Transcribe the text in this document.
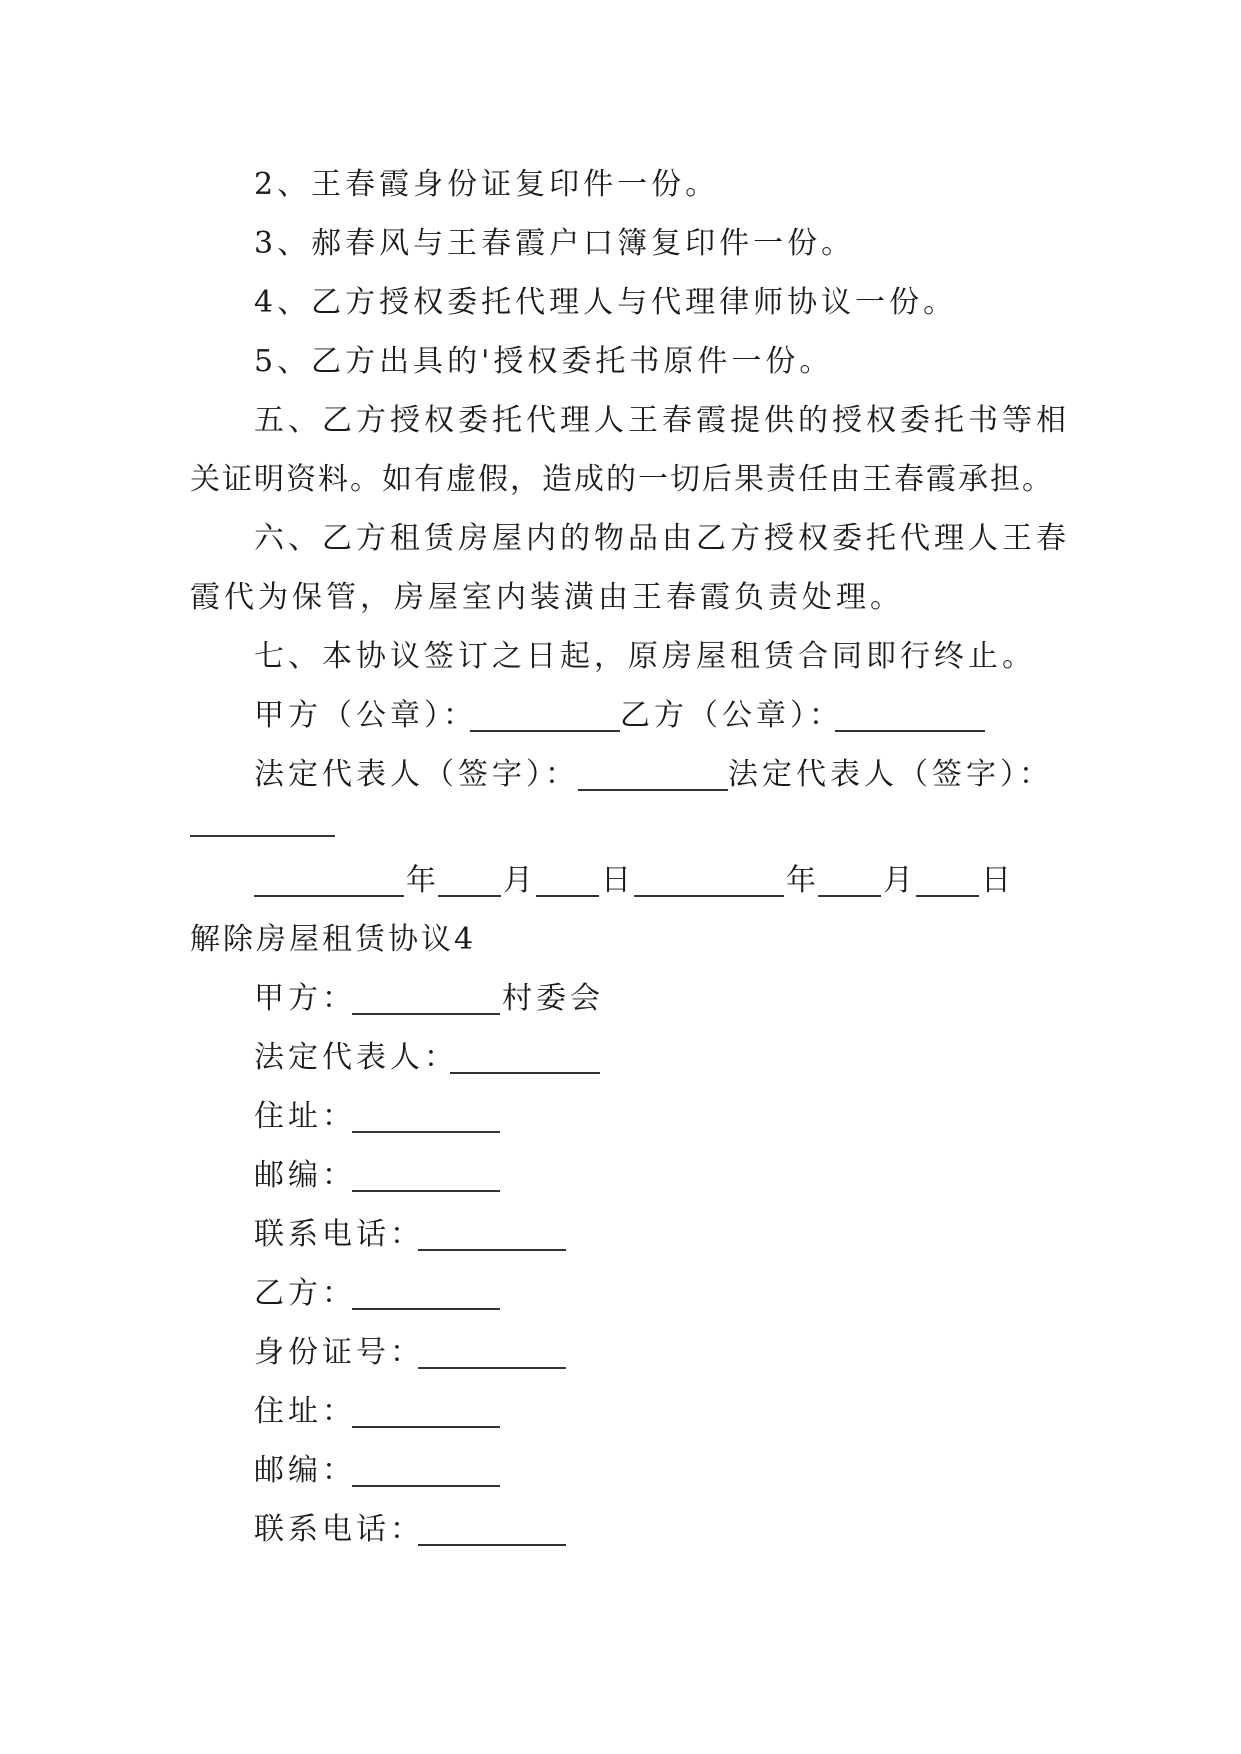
2、王春霞身份证复印件一份。
3、郝春风与王春霞户口簿复印件一份。
4、乙方授权委托代理人与代理律师协议一份。
5、乙方出具的'授权委托书原件一份。
五、乙方授权委托代理人王春霞提供的授权委托书等相
关证明资料。如有虚假，造成的一切后果责任由王春霞承担。
六、乙方租赁房屋内的物品由乙方授权委托代理人王春
霞代为保管，房屋室内装潢由王春霞负责处理。
七、本协议签订之日起，原房屋租赁合同即行终止。
甲方（公章）：	乙方（公章）：
法定代表人（签字）：	法定代表人（签字）：
年 月 日	年 月 日
解除房屋租赁协议4
甲方：	村委会
法定代表人：
住址：
邮编：
联系电话：
乙方：
身份证号：
住址：
邮编：
联系电话：
